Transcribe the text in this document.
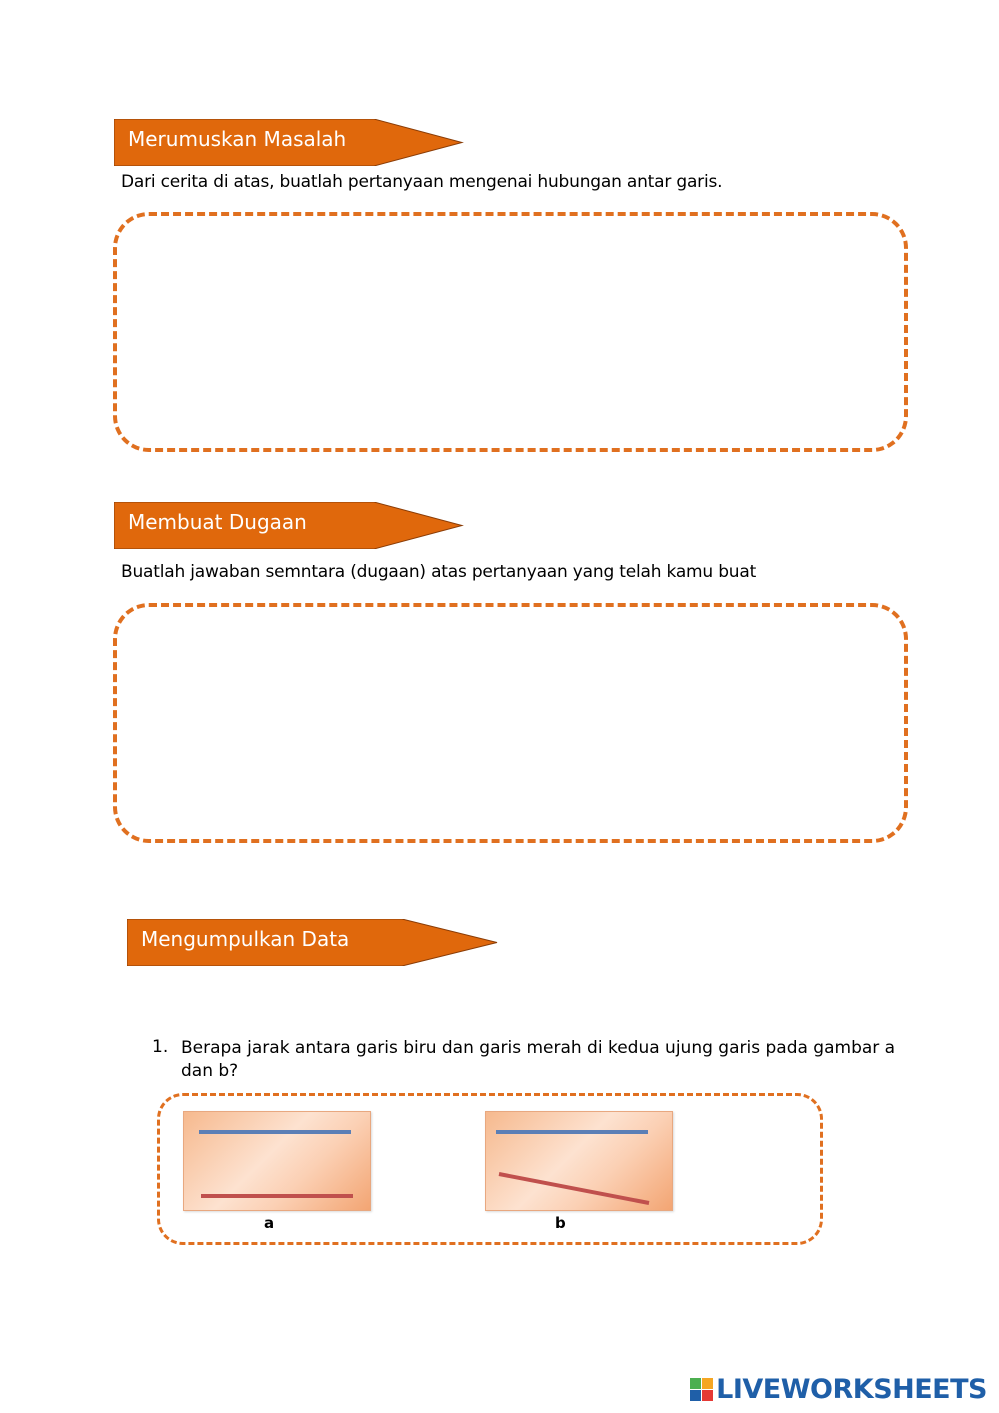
Merumuskan Masalah
Dari cerita di atas, buatlah pertanyaan mengenai hubungan antar garis.
Membuat Dugaan
Buatlah jawaban semntara (dugaan) atas pertanyaan yang telah kamu buat
Mengumpulkan Data
1. Berapa jarak antara garis biru dan garis merah di kedua ujung garis pada gambar a dan b?
a	b
LIVEWORKSHEETS
